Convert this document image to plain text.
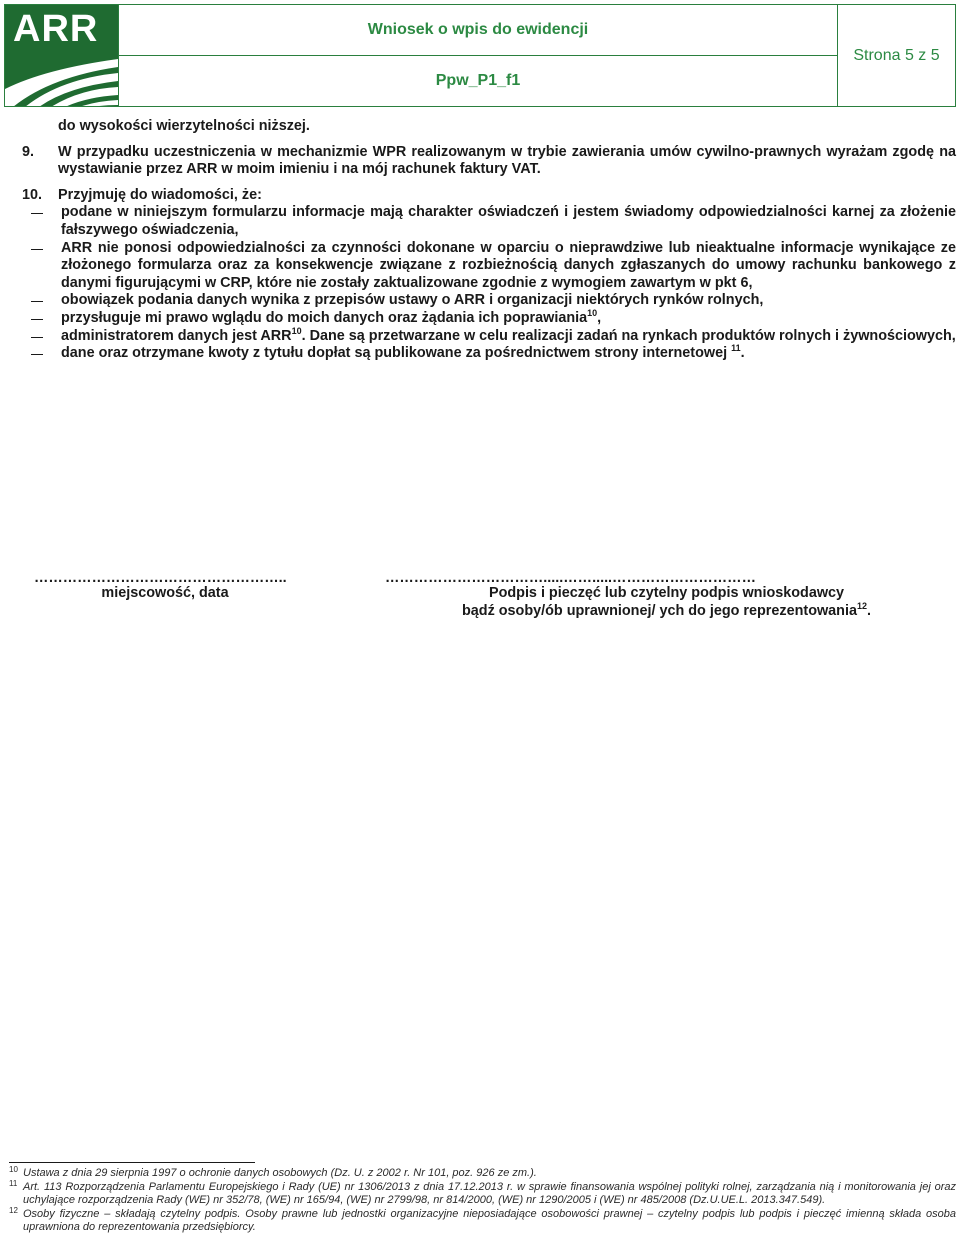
ARR	Wniosek o wpis do ewidencji
Ppw_P1_f1
Strona 5 z 5

do wysokości wierzytelności niższej.

9.	W przypadku uczestniczenia w mechanizmie WPR realizowanym w trybie zawierania umów cywilno-prawnych wyrażam zgodę na wystawianie przez ARR w moim imieniu i na mój rachunek faktury VAT.
10.	Przyjmuję do wiadomości, że:
podane w niniejszym formularzu informacje mają charakter oświadczeń i jestem świadomy odpowiedzialności karnej za złożenie fałszywego oświadczenia,
ARR nie ponosi odpowiedzialności za czynności dokonane w oparciu o nieprawdziwe lub nieaktualne informacje wynikające ze złożonego formularza oraz za konsekwencje związane z rozbieżnością danych zgłaszanych do umowy rachunku bankowego z danymi figurującymi w CRP, które nie zostały zaktualizowane zgodnie z wymogiem zawartym w pkt 6,
obowiązek podania danych wynika z przepisów ustawy o ARR i organizacji niektórych rynków rolnych,
przysługuje mi prawo wglądu do moich danych oraz żądania ich poprawiania$^{10}$,
administratorem danych jest ARR$^{10}$. Dane są przetwarzane w celu realizacji zadań na rynkach produktów rolnych i żywnościowych,
dane oraz otrzymane kwoty z tytułu dopłat są publikowane za pośrednictwem strony internetowej $^{11}$.
……………………………………………..
miejscowość, data
…………………………….....…….....…………………………
Podpis i pieczęć lub czytelny podpis wnioskodawcy
bądź osoby/ób uprawnionej/ ych do jego reprezentowania$^{12}$.
10 Ustawa z dnia 29 sierpnia 1997 o ochronie danych osobowych (Dz. U. z 2002 r. Nr 101, poz. 926 ze zm.).
11 Art. 113 Rozporządzenia Parlamentu Europejskiego i Rady (UE) nr 1306/2013 z dnia 17.12.2013 r. w sprawie finansowania wspólnej polityki rolnej, zarządzania nią i monitorowania jej oraz uchylające rozporządzenia Rady (WE) nr 352/78, (WE) nr 165/94, (WE) nr 2799/98, nr 814/2000, (WE) nr 1290/2005 i (WE) nr 485/2008 (Dz.U.UE.L. 2013.347.549).
12 Osoby fizyczne – składają czytelny podpis. Osoby prawne lub jednostki organizacyjne nieposiadające osobowości prawnej – czytelny podpis lub podpis i pieczęć imienną składa osoba uprawniona do reprezentowania przedsiębiorcy.
